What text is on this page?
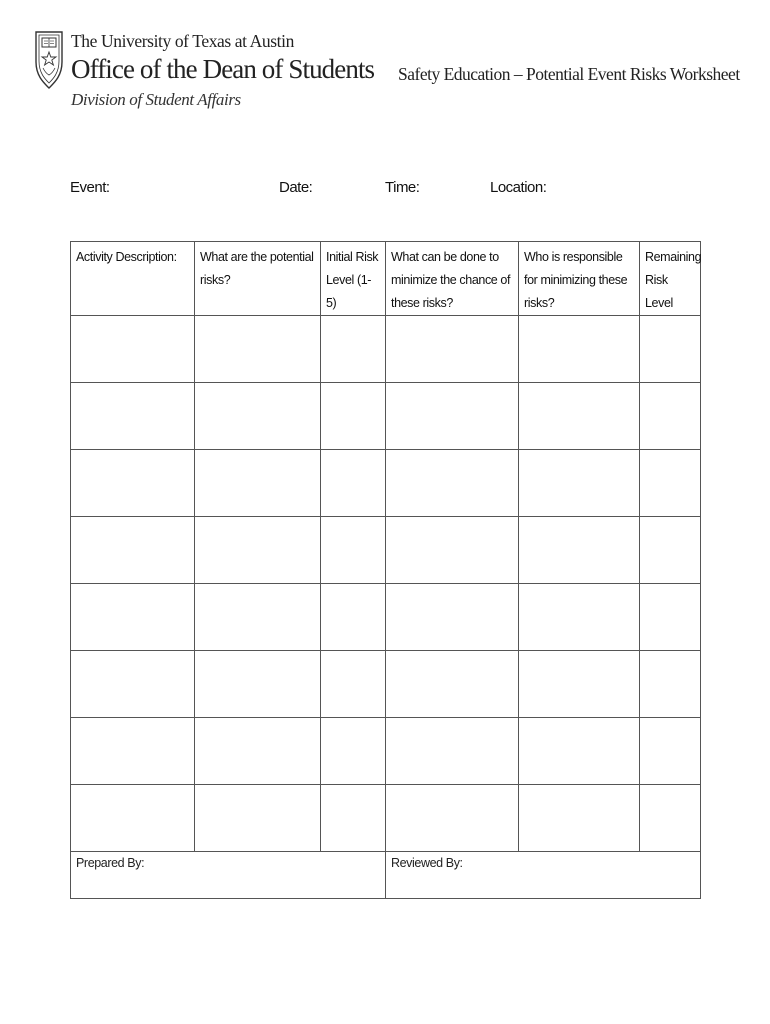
The University of Texas at Austin
Office of the Dean of Students
Division of Student Affairs
Safety Education – Potential Event Risks Worksheet
Event:	Date:	Time:	Location:
Activity Description:	What are the potential risks?	Initial Risk Level (1-5)	What can be done to minimize the chance of these risks?	Who is responsible for minimizing these risks?	Remaining Risk Level

Prepared By:	Reviewed By:
